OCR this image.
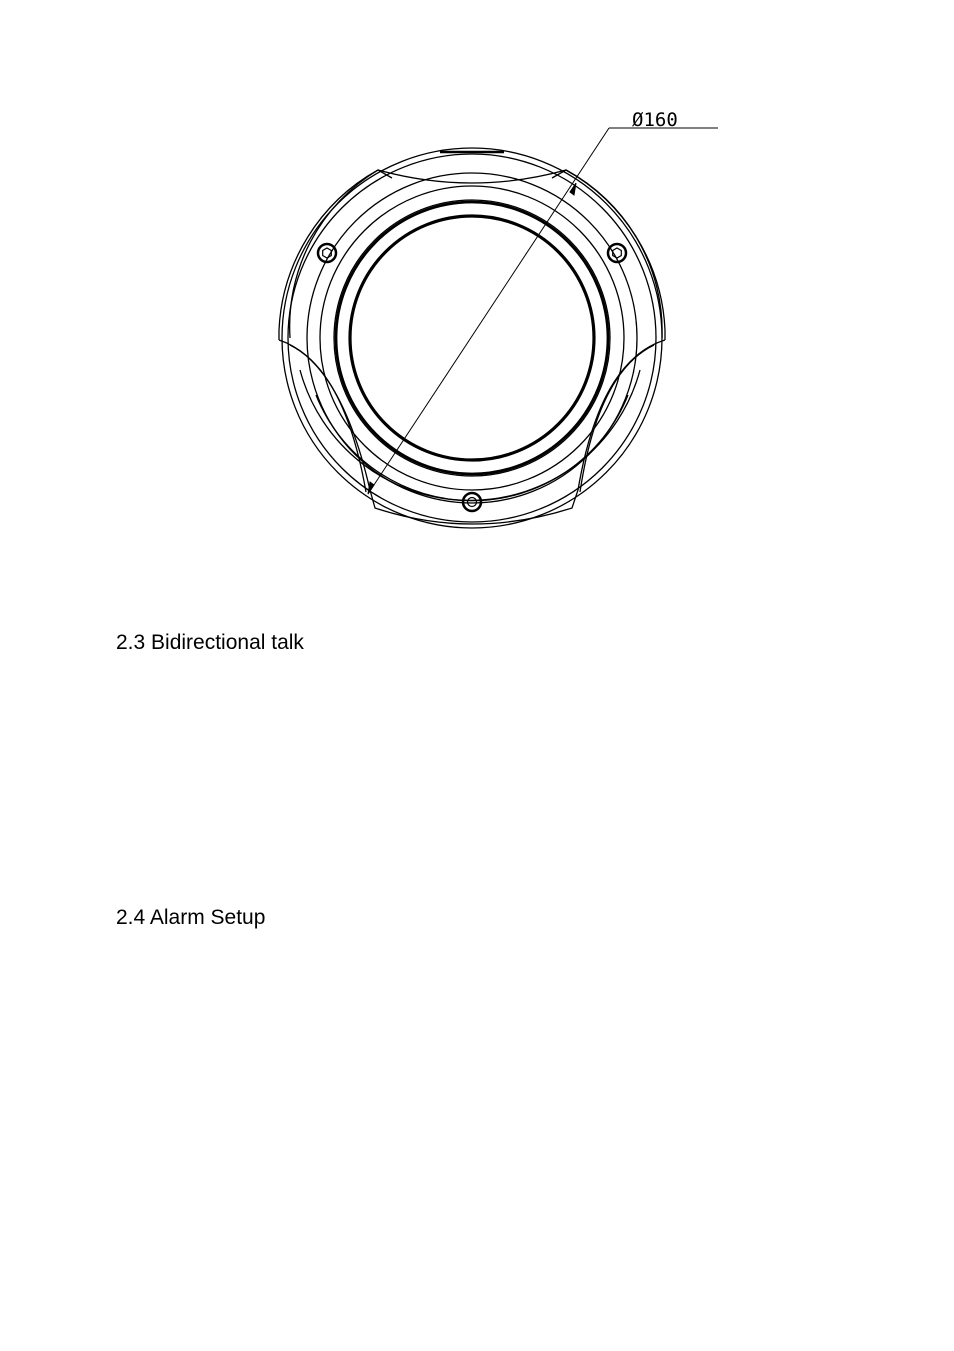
Ø160
2.3 Bidirectional talk
2.4 Alarm Setup
